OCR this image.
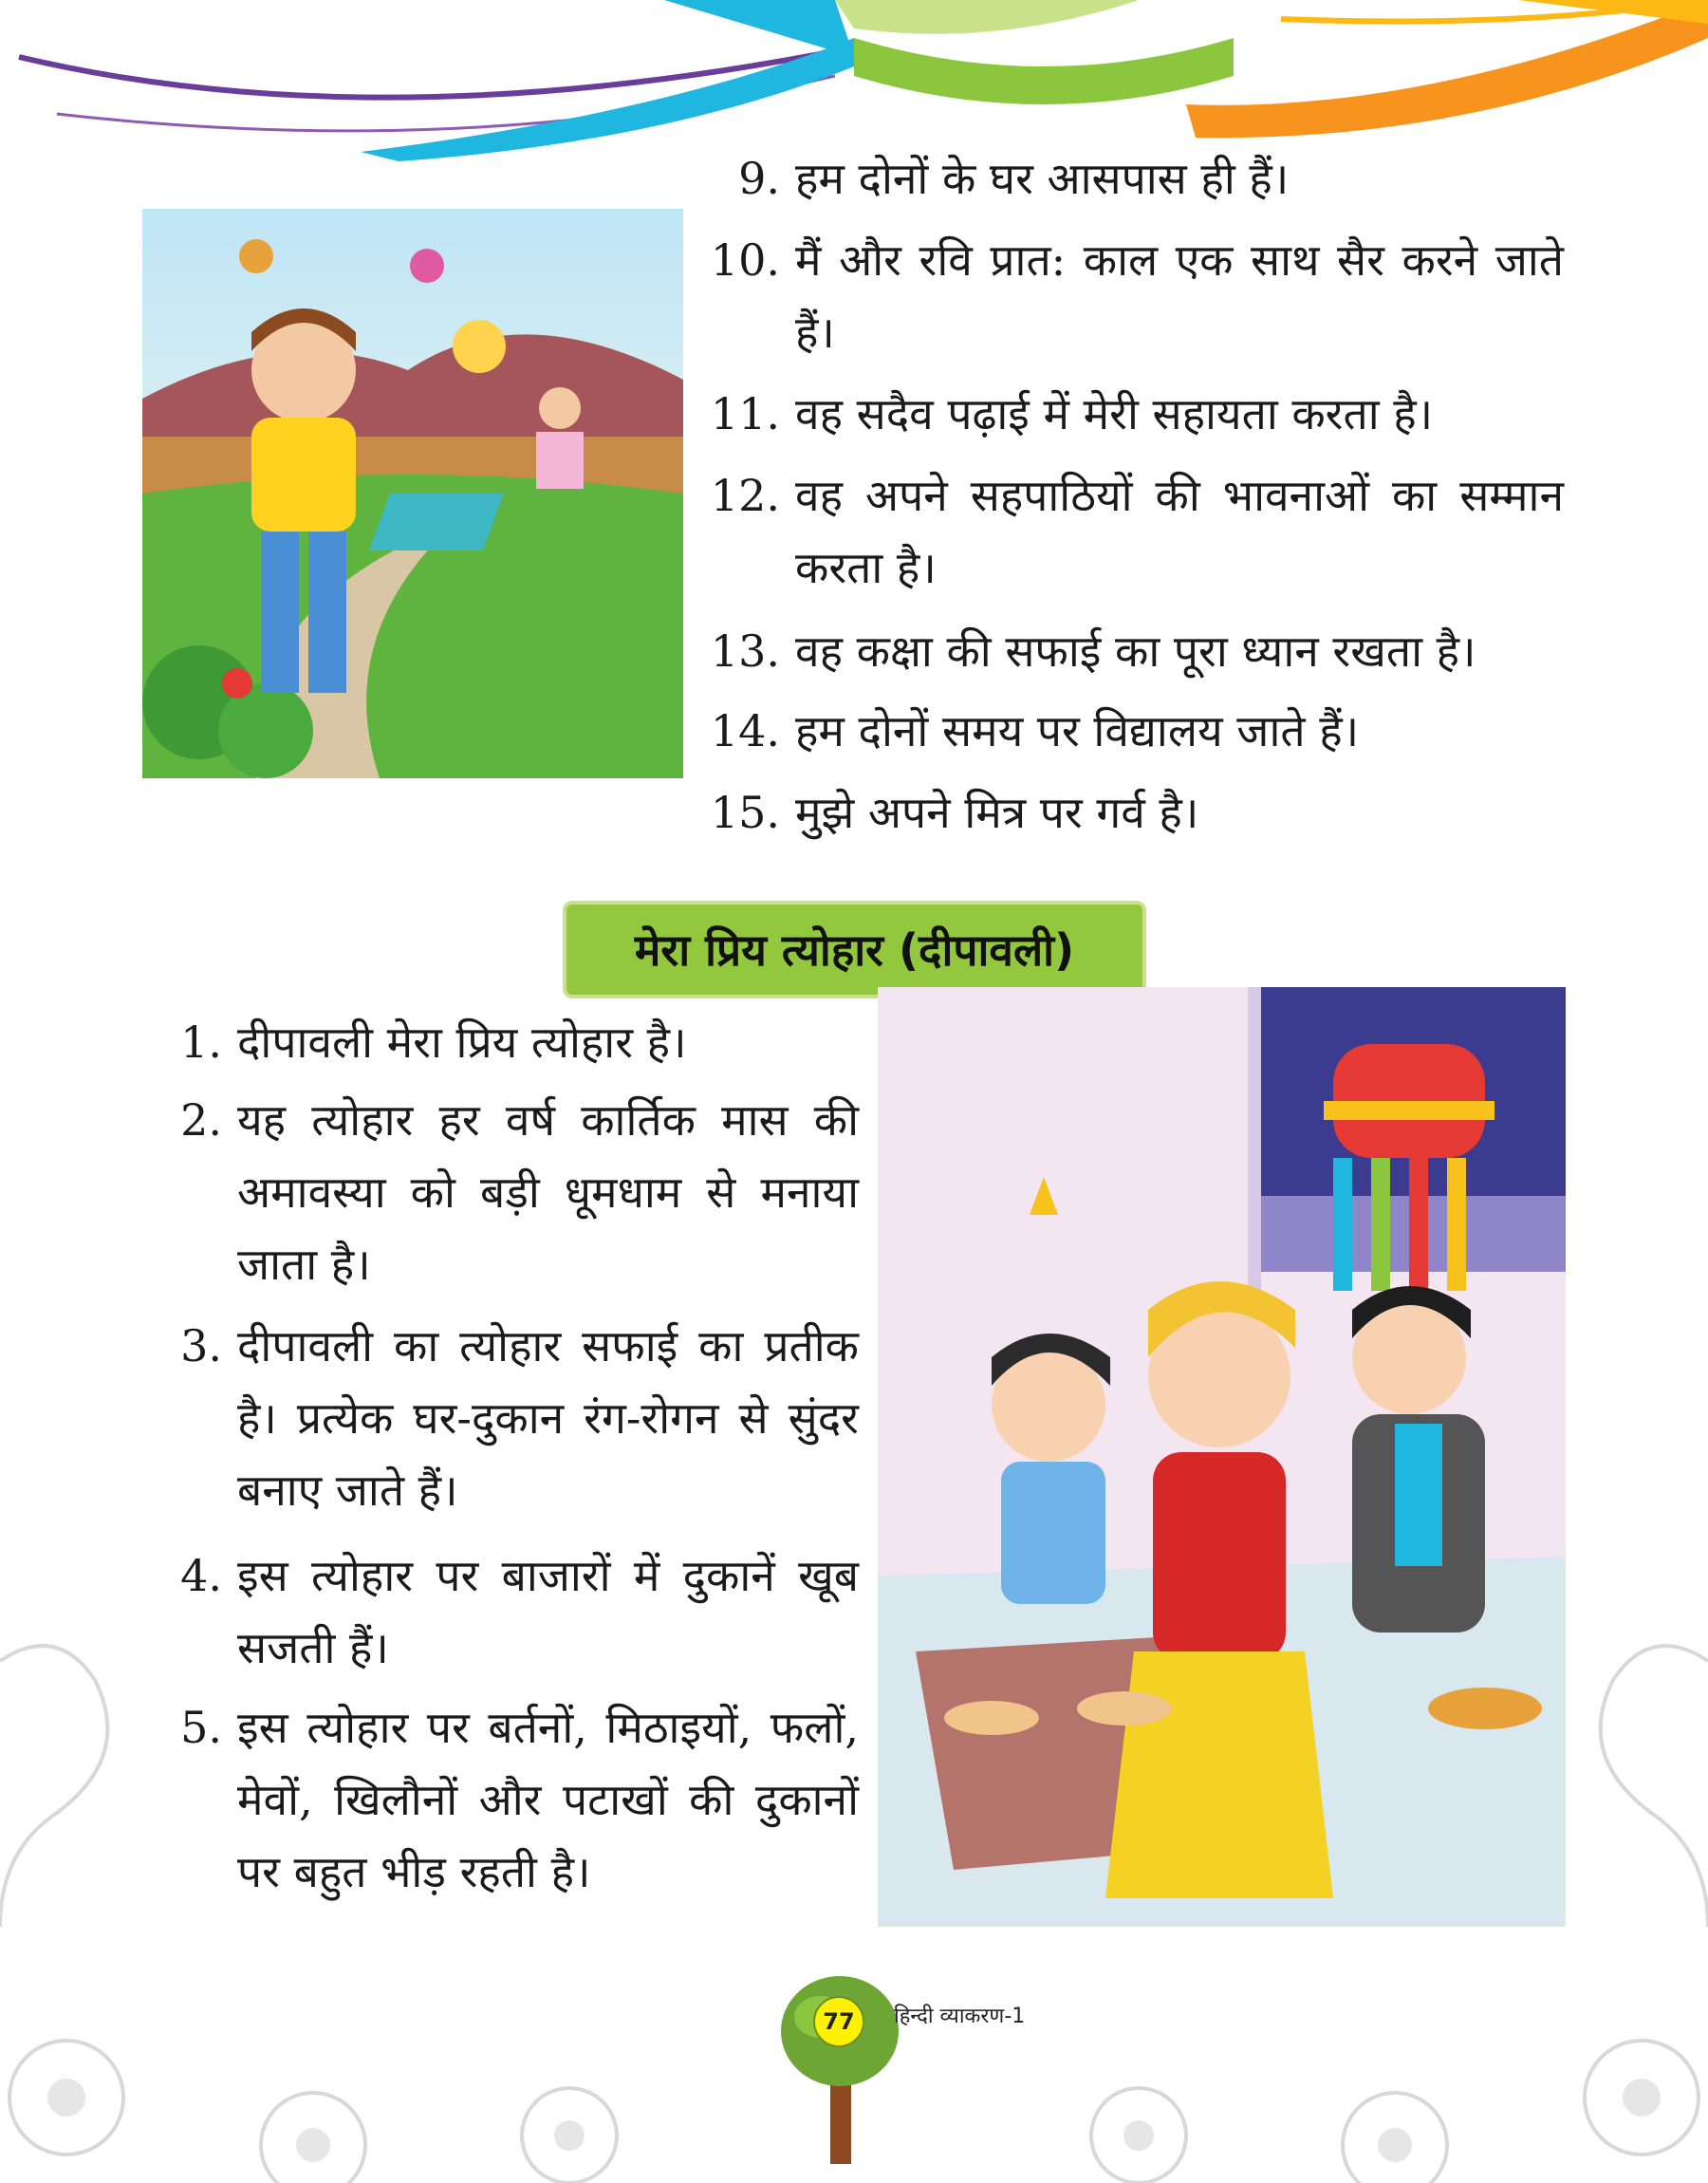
9. हम दोनों के घर आसपास ही हैं।
10. मैं और रवि प्रात: काल एक साथ सैर करने जाते हैं।
11. वह सदैव पढ़ाई में मेरी सहायता करता है।
12. वह अपने सहपाठियों की भावनाओं का सम्मान करता है।
13. वह कक्षा की सफाई का पूरा ध्यान रखता है।
14. हम दोनों समय पर विद्यालय जाते हैं।
15. मुझे अपने मित्र पर गर्व है।
मेरा प्रिय त्योहार (दीपावली)
1. दीपावली मेरा प्रिय त्योहार है।
2. यह त्योहार हर वर्ष कार्तिक मास की अमावस्या को बड़ी धूमधाम से मनाया जाता है।
3. दीपावली का त्योहार सफाई का प्रतीक है। प्रत्येक घर-दुकान रंग-रोगन से सुंदर बनाए जाते हैं।
4. इस त्योहार पर बाजारों में दुकानें खूब सजती हैं।
5. इस त्योहार पर बर्तनों, मिठाइयों, फलों, मेवों, खिलौनों और पटाखों की दुकानों पर बहुत भीड़ रहती है।
77	हिन्दी व्याकरण-1
